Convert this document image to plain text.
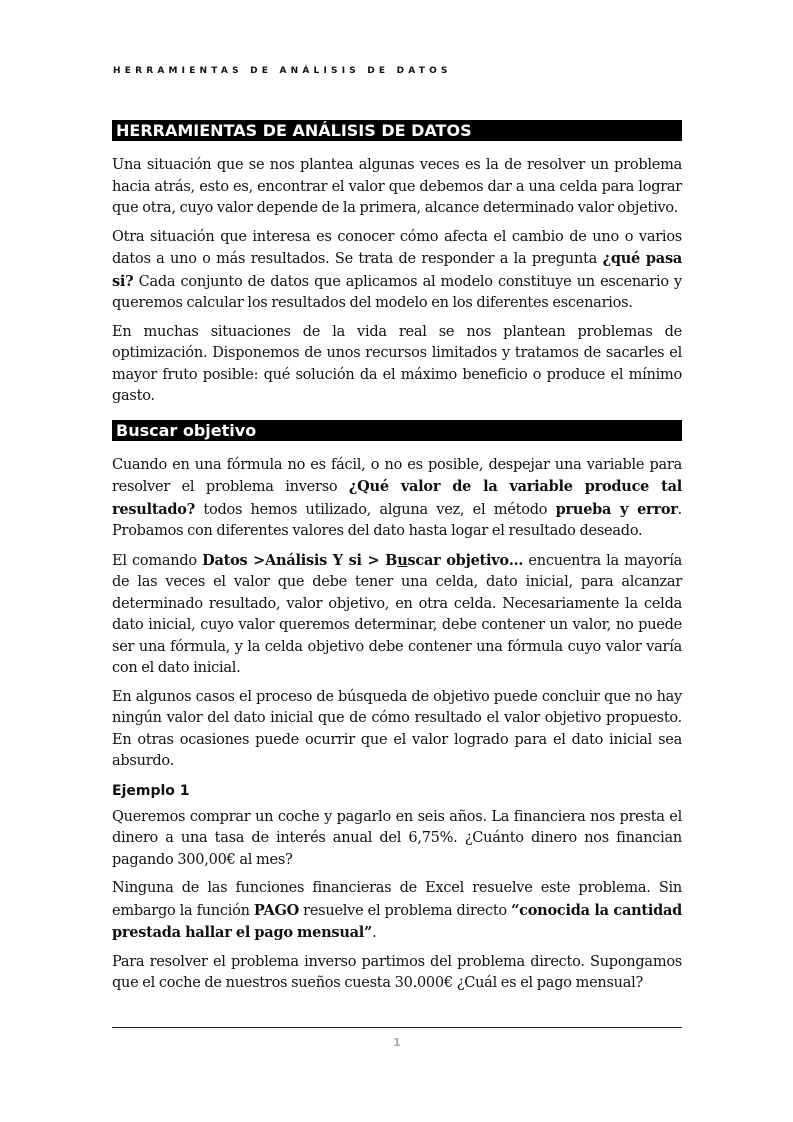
HERRAMIENTAS DE ANÁLISIS DE DATOS
HERRAMIENTAS DE ANÁLISIS DE DATOS

Una situación que se nos plantea algunas veces es la de resolver un problema hacia atrás, esto es, encontrar el valor que debemos dar a una celda para lograr que otra, cuyo valor depende de la primera, alcance determinado valor objetivo.

Otra situación que interesa es conocer cómo afecta el cambio de uno o varios datos a uno o más resultados. Se trata de responder a la pregunta ¿qué pasa si? Cada conjunto de datos que aplicamos al modelo constituye un escenario y queremos calcular los resultados del modelo en los diferentes escenarios.

En muchas situaciones de la vida real se nos plantean problemas de optimización. Disponemos de unos recursos limitados y tratamos de sacarles el mayor fruto posible: qué solución da el máximo beneficio o produce el mínimo gasto.

Buscar objetivo

Cuando en una fórmula no es fácil, o no es posible, despejar una variable para resolver el problema inverso ¿Qué valor de la variable produce tal resultado? todos hemos utilizado, alguna vez, el método prueba y error. Probamos con diferentes valores del dato hasta logar el resultado deseado.

El comando Datos >Análisis Y si > Buscar objetivo… encuentra la mayoría de las veces el valor que debe tener una celda, dato inicial, para alcanzar determinado resultado, valor objetivo, en otra celda. Necesariamente la celda dato inicial, cuyo valor queremos determinar, debe contener un valor, no puede ser una fórmula, y la celda objetivo debe contener una fórmula cuyo valor varía con el dato inicial.

En algunos casos el proceso de búsqueda de objetivo puede concluir que no hay ningún valor del dato inicial que de cómo resultado el valor objetivo propuesto. En otras ocasiones puede ocurrir que el valor logrado para el dato inicial sea absurdo.

Ejemplo 1

Queremos comprar un coche y pagarlo en seis años. La financiera nos presta el dinero a una tasa de interés anual del 6,75%. ¿Cuánto dinero nos financian pagando 300,00€ al mes?

Ninguna de las funciones financieras de Excel resuelve este problema. Sin embargo la función PAGO resuelve el problema directo “conocida la cantidad prestada hallar el pago mensual”.

Para resolver el problema inverso partimos del problema directo. Supongamos que el coche de nuestros sueños cuesta 30.000€ ¿Cuál es el pago mensual?

1
